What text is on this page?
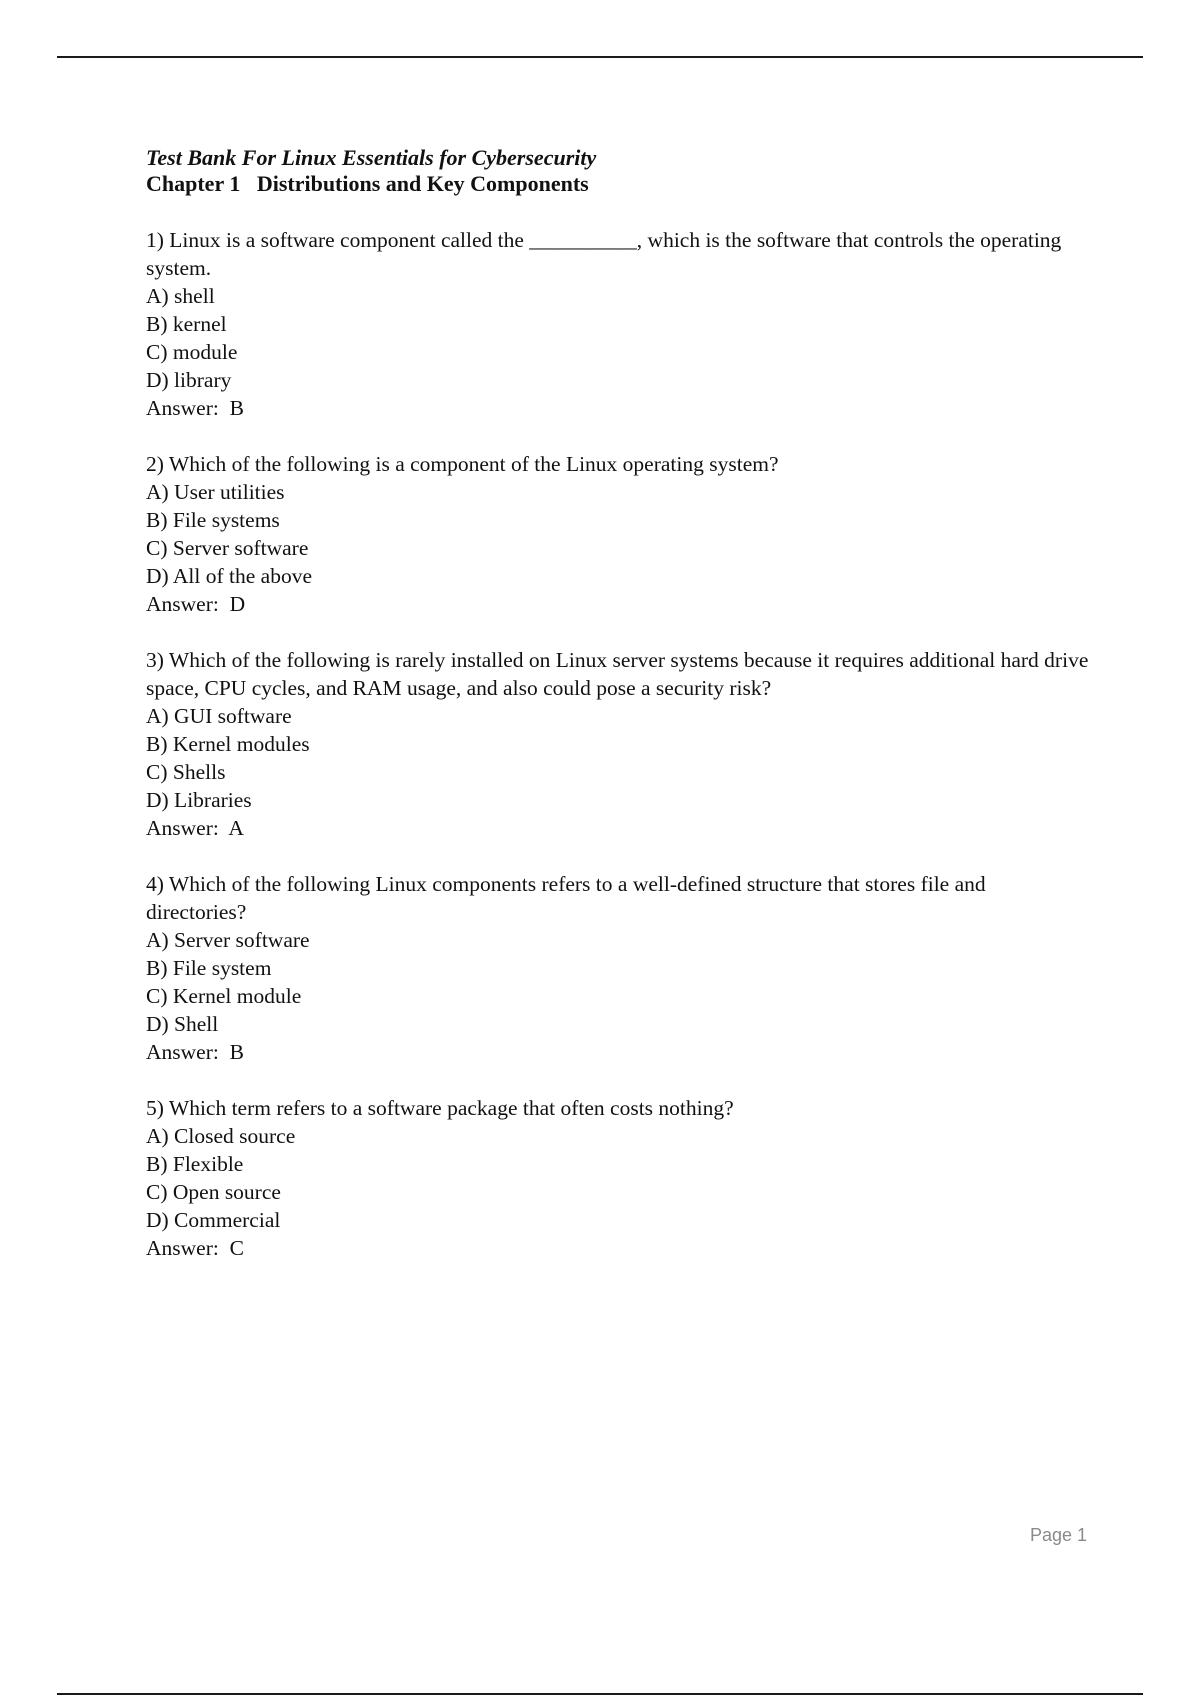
Test Bank For Linux Essentials for Cybersecurity

Chapter 1   Distributions and Key Components

1) Linux is a software component called the __________, which is the software that controls the operating system.

A) shell

B) kernel

C) module

D) library

Answer:  B

2) Which of the following is a component of the Linux operating system?

A) User utilities

B) File systems

C) Server software

D) All of the above

Answer:  D

3) Which of the following is rarely installed on Linux server systems because it requires additional hard drive space, CPU cycles, and RAM usage, and also could pose a security risk?

A) GUI software

B) Kernel modules

C) Shells

D) Libraries

Answer:  A

4) Which of the following Linux components refers to a well-defined structure that stores file and directories?

A) Server software

B) File system

C) Kernel module

D) Shell

Answer:  B

5) Which term refers to a software package that often costs nothing?

A) Closed source

B) Flexible

C) Open source

D) Commercial

Answer:  C

Page 1
